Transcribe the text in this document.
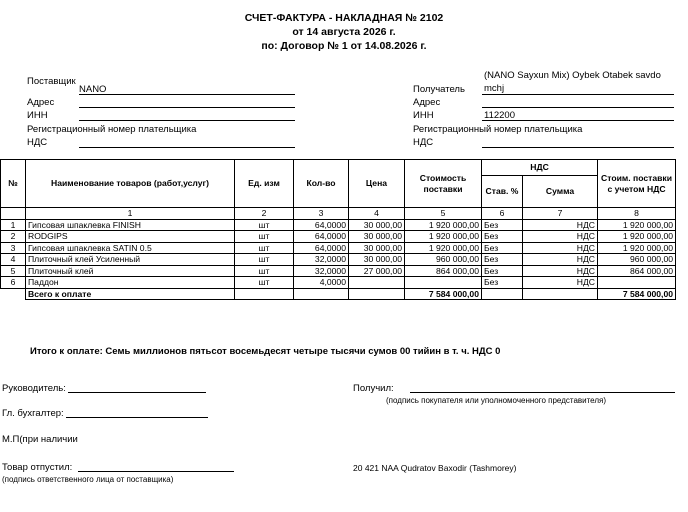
СЧЕТ-ФАКТУРА - НАКЛАДНАЯ № 2102
от 14 августа 2026 г.
по: Договор № 1 от 14.08.2026 г.
Поставщик
NANO
Адрес
ИНН
Регистрационный номер плательщика
НДС
(NANO Sayxun Mix) Oybek Otabek savdo
Получатель mchj
Адрес
ИНН	112200
Регистрационный номер плательщика
НДС
№	Наименование товаров (работ,услуг)	Ед. изм	Кол-во	Цена	Стоимость поставки	НДС		Стоим. поставки с учетом НДС
						Став. %	Сумма	
	1	2	3	4	5	6	7	8
1	Гипсовая шпаклевка FINISH	шт	64,0000	30 000,00	1 920 000,00	Без	НДС	1 920 000,00
2	RODGIPS	шт	64,0000	30 000,00	1 920 000,00	Без	НДС	1 920 000,00
3	Гипсовая шпаклевка SATIN 0.5	шт	64,0000	30 000,00	1 920 000,00	Без	НДС	1 920 000,00
4	Плиточный клей Усиленный	шт	32,0000	30 000,00	960 000,00	Без	НДС	960 000,00
5	Плиточный клей	шт	32,0000	27 000,00	864 000,00	Без	НДС	864 000,00
6	Паддон	шт	4,0000			Без	НДС	
	Всего к оплате				7 584 000,00			7 584 000,00
Итого к оплате: Семь миллионов пятьсот восемьдесят четыре тысячи сумов 00 тийин в т. ч. НДС 0
Руководитель:
Гл. бухгалтер:
М.П(при наличии
Товар отпустил:
(подпись ответственного лица от поставщика)
Получил:
(подпись покупателя или уполномоченного представителя)
20 421 NAA Qudratov Baxodir (Tashmorey)
